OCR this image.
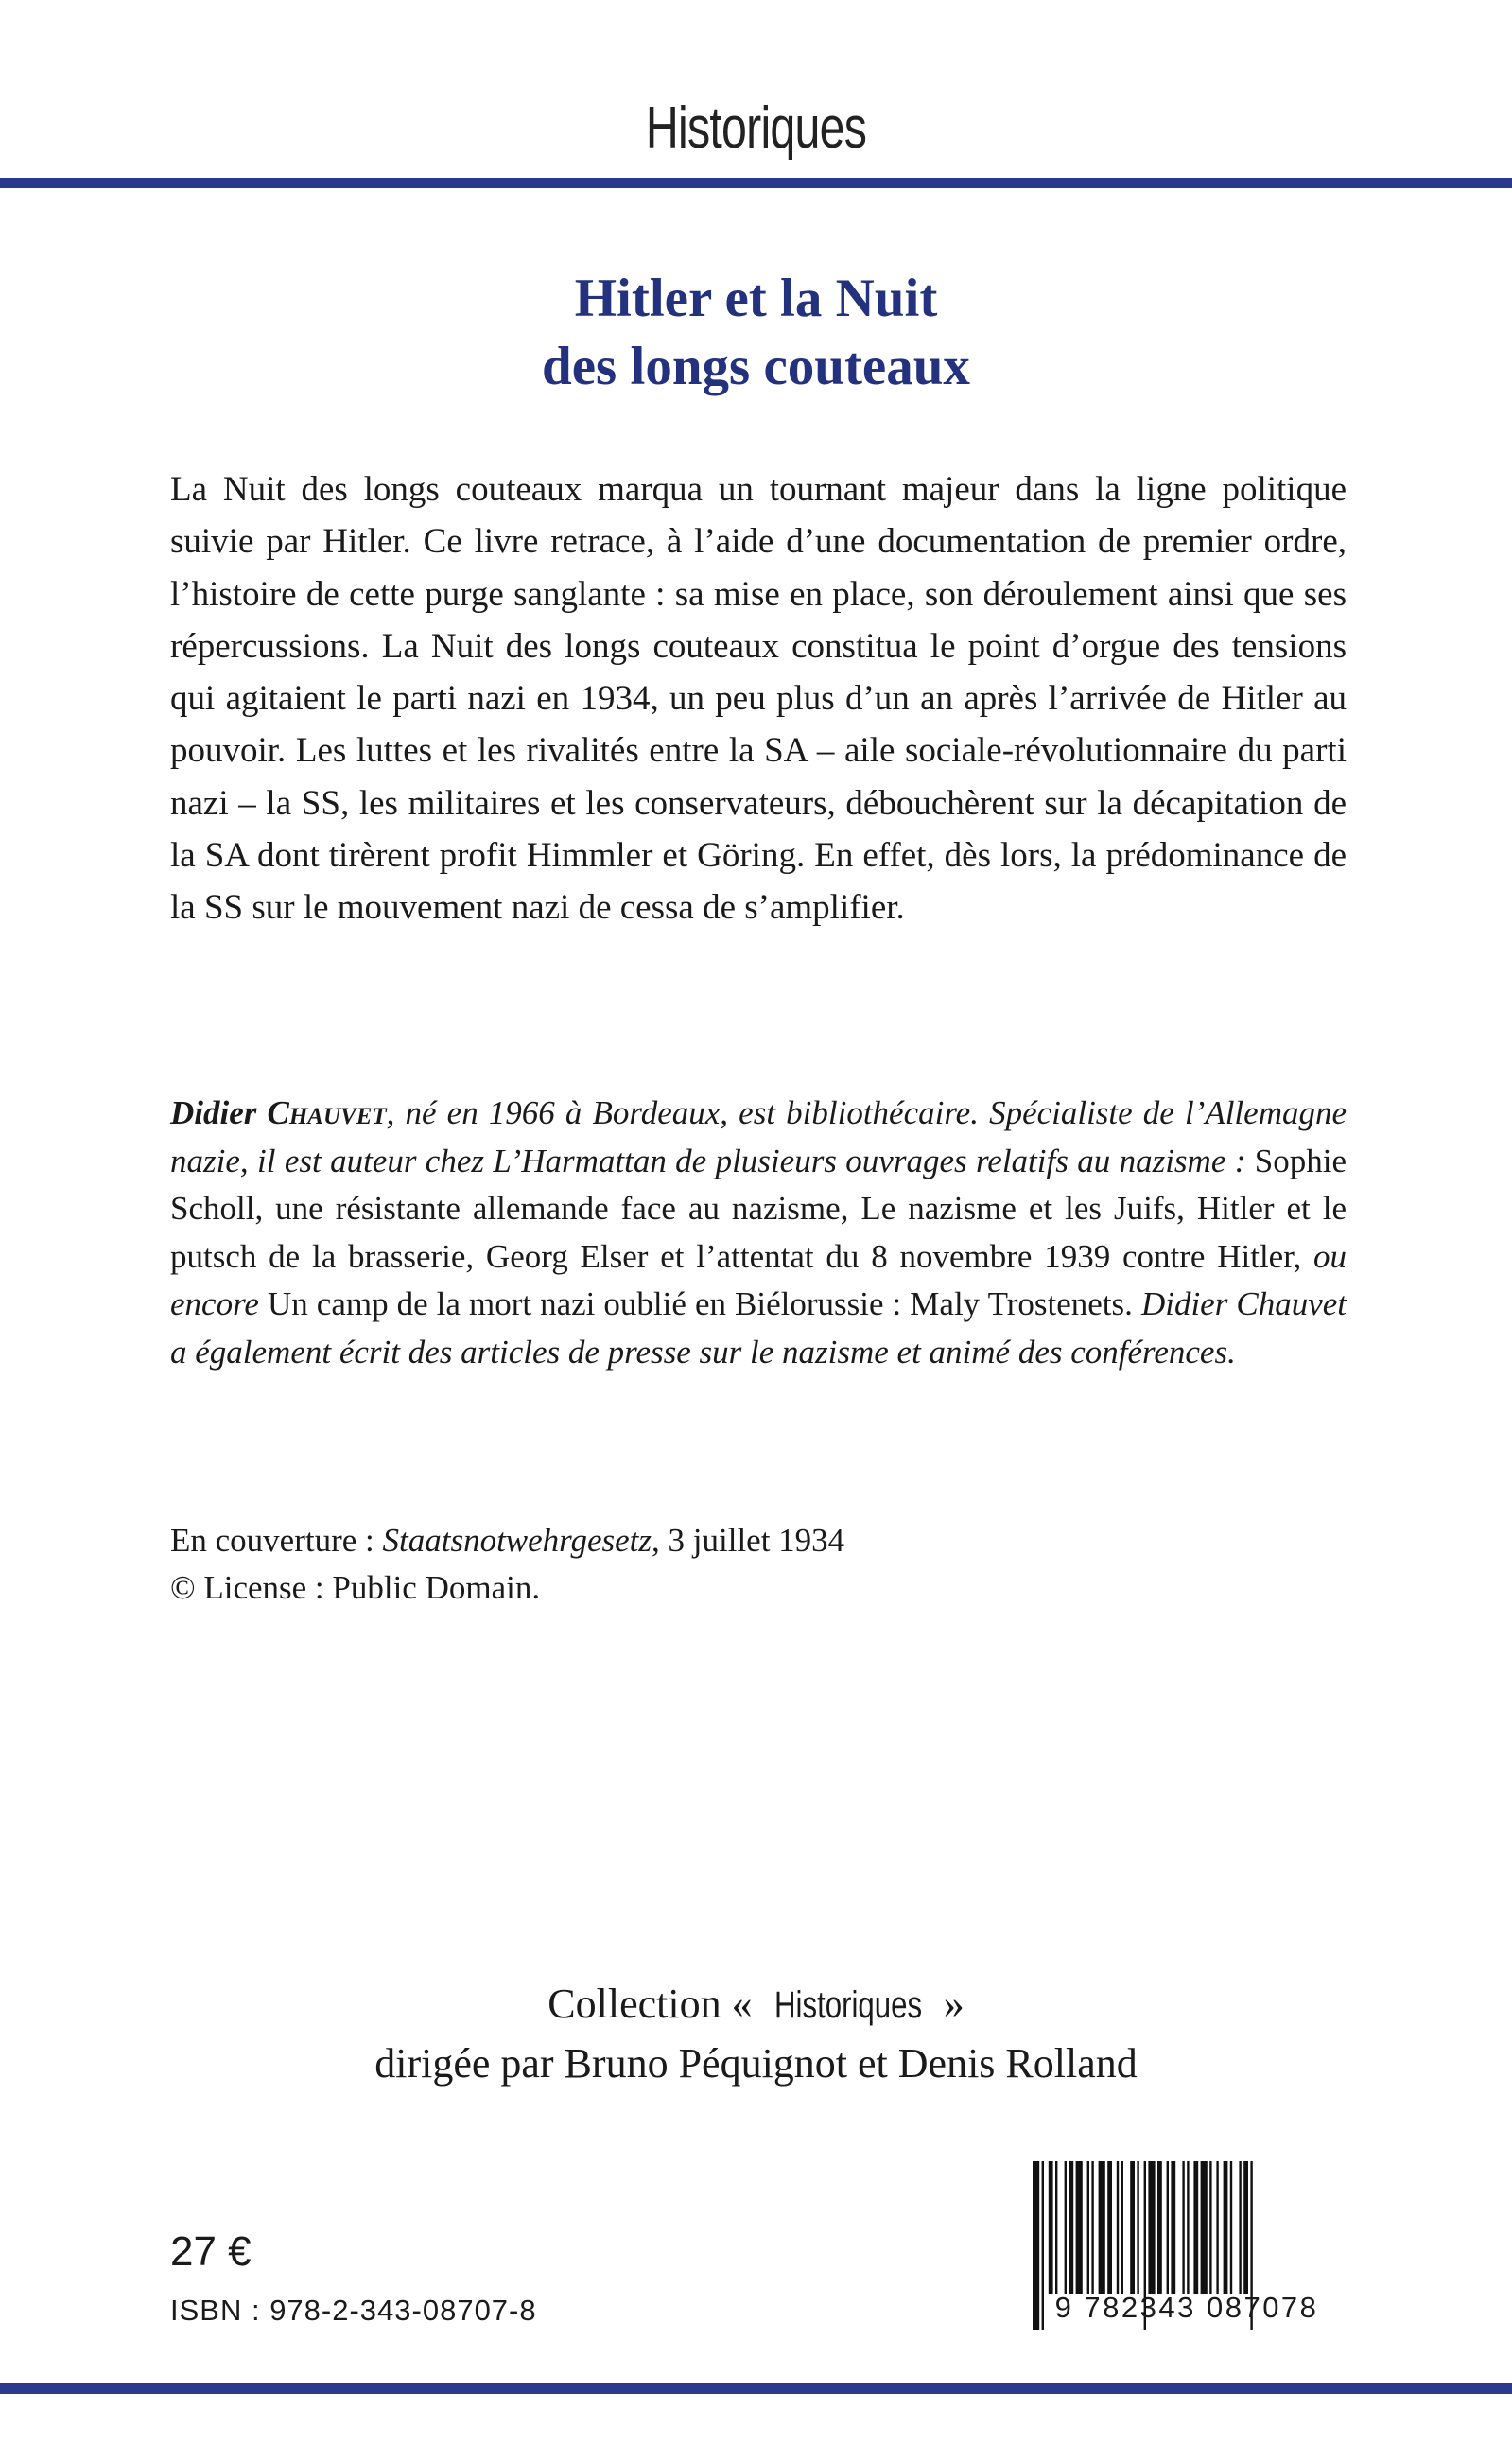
Historiques
Hitler et la Nuit
des longs couteaux
La Nuit des longs couteaux marqua un tournant majeur dans la ligne politique suivie par Hitler. Ce livre retrace, à l’aide d’une documentation de premier ordre, l’histoire de cette purge sanglante : sa mise en place, son déroulement ainsi que ses répercussions. La Nuit des longs couteaux constitua le point d’orgue des tensions qui agitaient le parti nazi en 1934, un peu plus d’un an après l’arrivée de Hitler au pouvoir. Les luttes et les rivalités entre la SA – aile sociale-révolutionnaire du parti nazi – la SS, les militaires et les conservateurs, débouchèrent sur la décapitation de la SA dont tirèrent profit Himmler et Göring. En effet, dès lors, la prédominance de la SS sur le mouvement nazi de cessa de s’amplifier.
Didier Chauvet, né en 1966 à Bordeaux, est bibliothécaire. Spécialiste de l’Allemagne nazie, il est auteur chez L’Harmattan de plusieurs ouvrages relatifs au nazisme : Sophie Scholl, une résistante allemande face au nazisme, Le nazisme et les Juifs, Hitler et le putsch de la brasserie, Georg Elser et l’attentat du 8 novembre 1939 contre Hitler, ou encore Un camp de la mort nazi oublié en Biélorussie : Maly Trostenets. Didier Chauvet a également écrit des articles de presse sur le nazisme et animé des conférences.
En couverture : Staatsnotwehrgesetz, 3 juillet 1934
© License : Public Domain.
Collection « Historiques »
dirigée par Bruno Péquignot et Denis Rolland
27 €
ISBN : 978-2-343-08707-8	9 782343 087078
